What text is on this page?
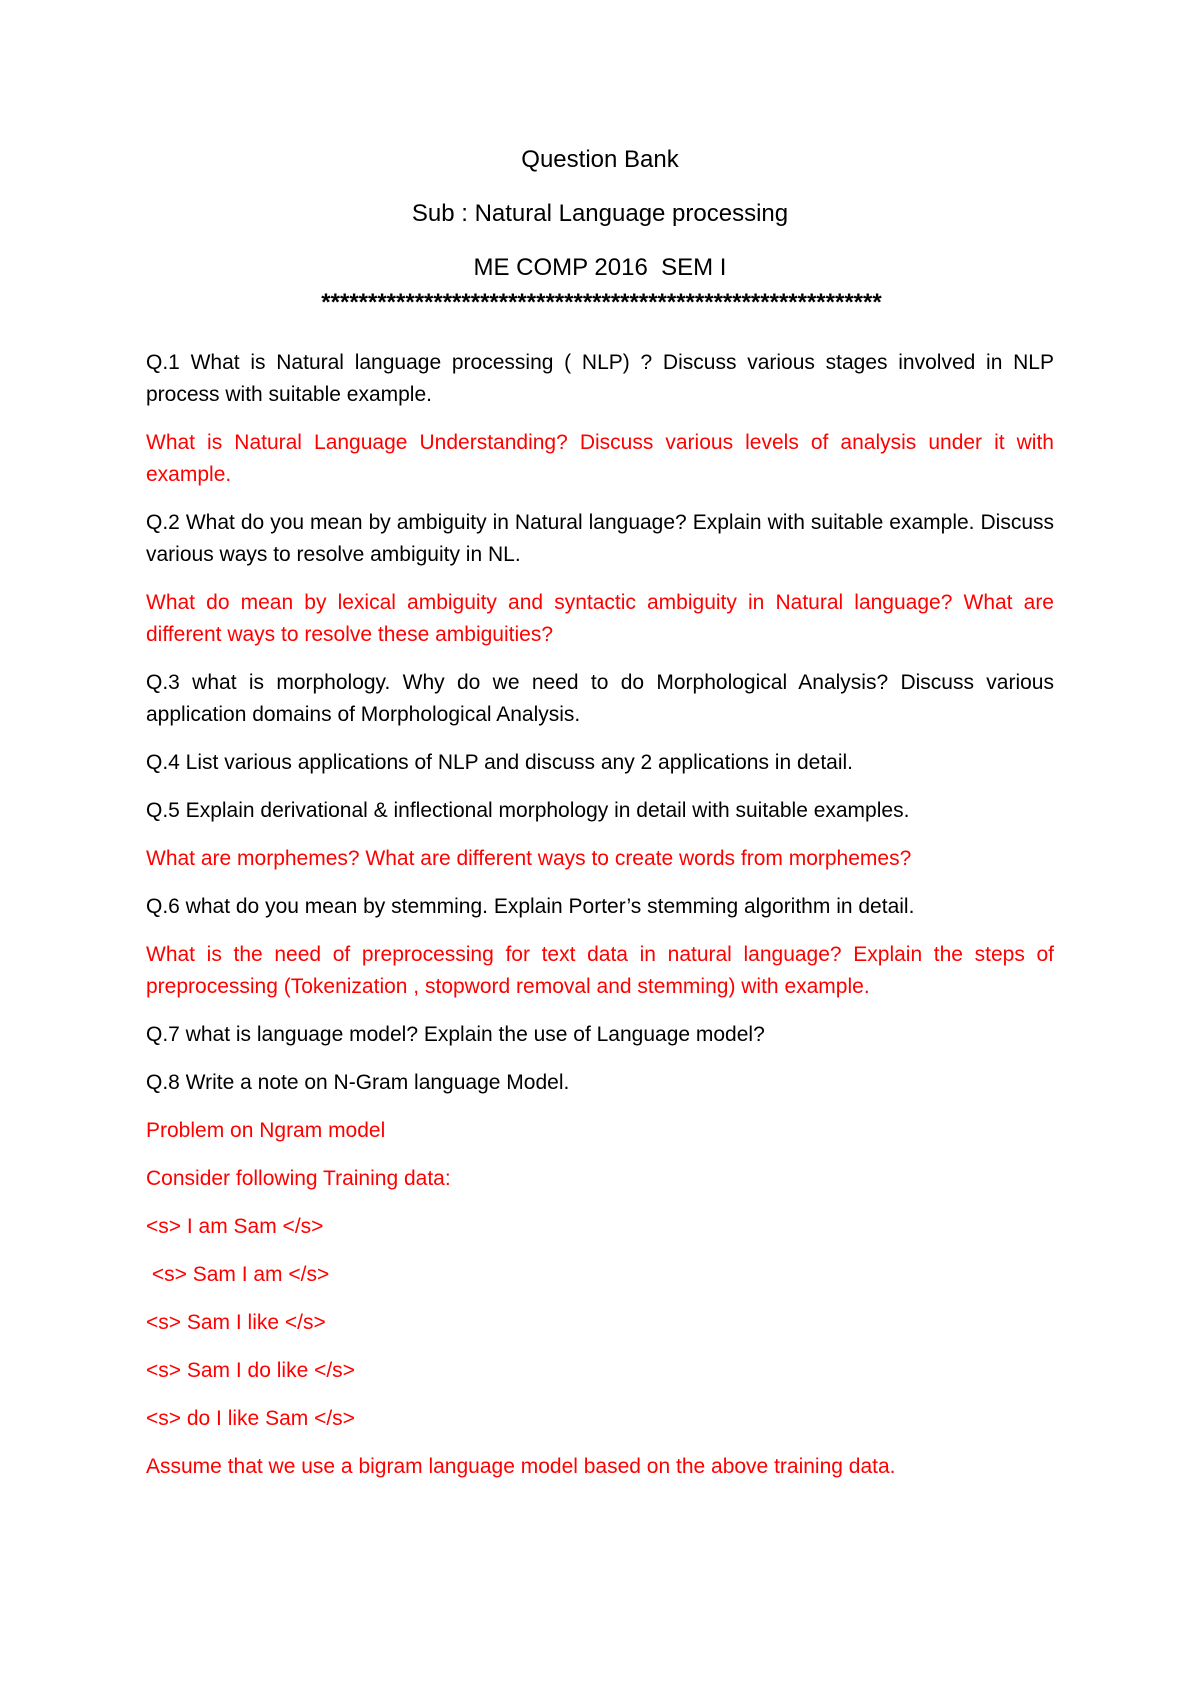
Question Bank
Sub : Natural Language processing
ME COMP 2016  SEM I
************************************************************
Q.1 What is Natural language processing ( NLP) ? Discuss various stages involved in NLP process with suitable example.
What is Natural Language Understanding? Discuss various levels of analysis under it with example.
Q.2 What do you mean by ambiguity in Natural language? Explain with suitable example. Discuss various ways to resolve ambiguity in NL.
What do mean by lexical ambiguity and syntactic ambiguity in Natural language? What are different ways to resolve these ambiguities?
Q.3 what is morphology. Why do we need to do Morphological Analysis? Discuss various application domains of Morphological Analysis.
Q.4 List various applications of NLP and discuss any 2 applications in detail.
Q.5 Explain derivational & inflectional morphology in detail with suitable examples.
What are morphemes? What are different ways to create words from morphemes?
Q.6 what do you mean by stemming. Explain Porter’s stemming algorithm in detail.
What is the need of preprocessing for text data in natural language? Explain the steps of preprocessing (Tokenization , stopword removal and stemming) with example.
Q.7 what is language model? Explain the use of Language model?
Q.8 Write a note on N-Gram language Model.
Problem on Ngram model
Consider following Training data:
<s> I am Sam </s>
<s> Sam I am </s>
<s> Sam I like </s>
<s> Sam I do like </s>
<s> do I like Sam </s>
Assume that we use a bigram language model based on the above training data.
